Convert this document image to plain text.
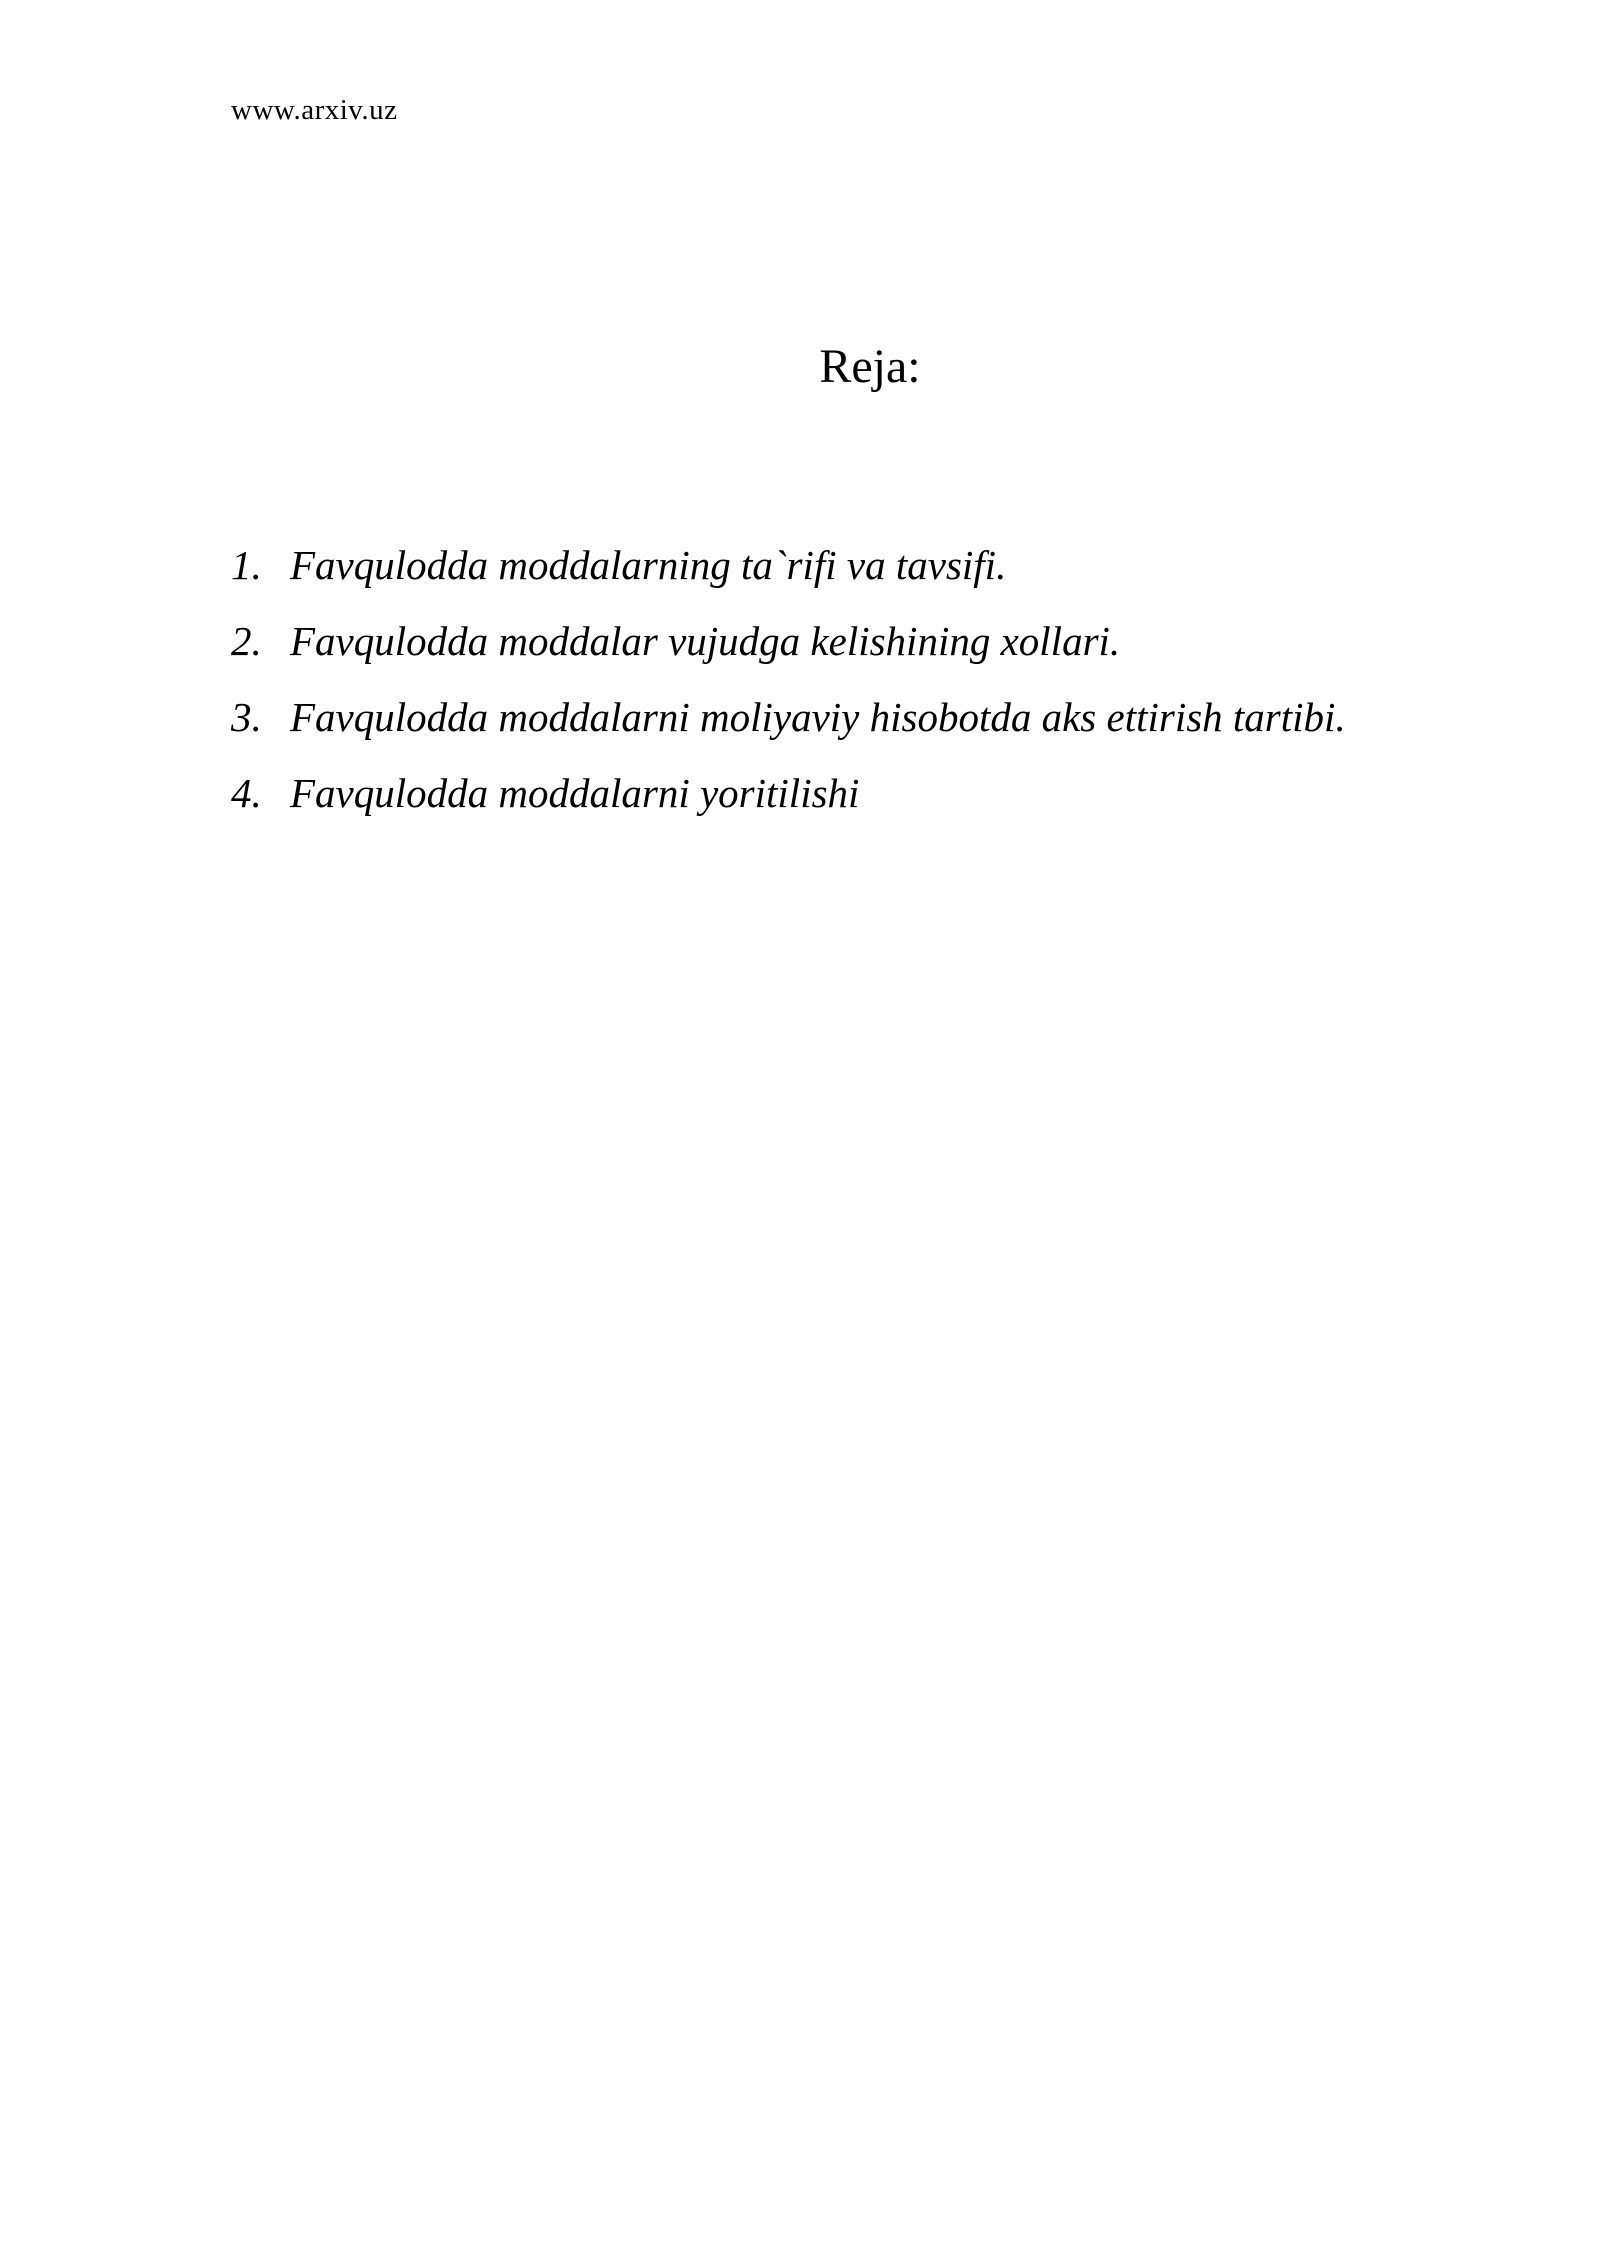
www.arxiv.uz
Reja:
1. Favqulodda moddalarning ta`rifi va tavsifi.
2. Favqulodda moddalar vujudga kelishining xollari.
3. Favqulodda moddalarni moliyaviy hisobotda aks ettirish tartibi.
4. Favqulodda moddalarni yoritilishi
